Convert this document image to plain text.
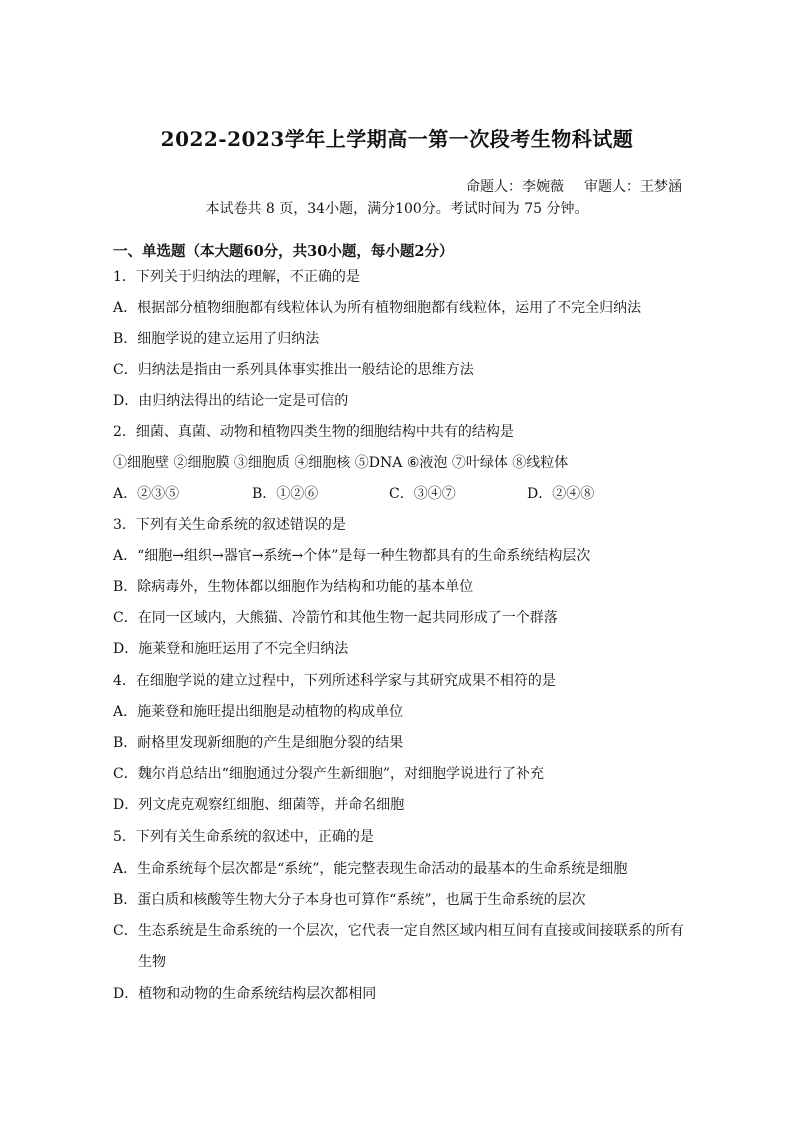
2022-2023学年上学期高一第一次段考生物科试题
命题人：李婉薇 审题人：王梦涵
本试卷共 8 页，34小题，满分100分。考试时间为 75 分钟。
一、单选题（本大题60分，共30小题，每小题2分）
1．下列关于归纳法的理解，不正确的是
A．根据部分植物细胞都有线粒体认为所有植物细胞都有线粒体，运用了不完全归纳法
B．细胞学说的建立运用了归纳法
C．归纳法是指由一系列具体事实推出一般结论的思维方法
D．由归纳法得出的结论一定是可信的
2．细菌、真菌、动物和植物四类生物的细胞结构中共有的结构是
①细胞壁 ②细胞膜 ③细胞质 ④细胞核 ⑤DNA ⑥液泡 ⑦叶绿体 ⑧线粒体
A．②③⑤	B．①②⑥	C．③④⑦	D．②④⑧
3．下列有关生命系统的叙述错误的是
A．“细胞→组织→器官→系统→个体”是每一种生物都具有的生命系统结构层次
B．除病毒外，生物体都以细胞作为结构和功能的基本单位
C．在同一区域内，大熊猫、冷箭竹和其他生物一起共同形成了一个群落
D．施莱登和施旺运用了不完全归纳法
4．在细胞学说的建立过程中，下列所述科学家与其研究成果不相符的是
A．施莱登和施旺提出细胞是动植物的构成单位
B．耐格里发现新细胞的产生是细胞分裂的结果
C．魏尔肖总结出“细胞通过分裂产生新细胞”，对细胞学说进行了补充
D．列文虎克观察红细胞、细菌等，并命名细胞
5．下列有关生命系统的叙述中，正确的是
A．生命系统每个层次都是“系统”，能完整表现生命活动的最基本的生命系统是细胞
B．蛋白质和核酸等生物大分子本身也可算作“系统”，也属于生命系统的层次
C．生态系统是生命系统的一个层次，它代表一定自然区域内相互间有直接或间接联系的所有
生物
D．植物和动物的生命系统结构层次都相同
